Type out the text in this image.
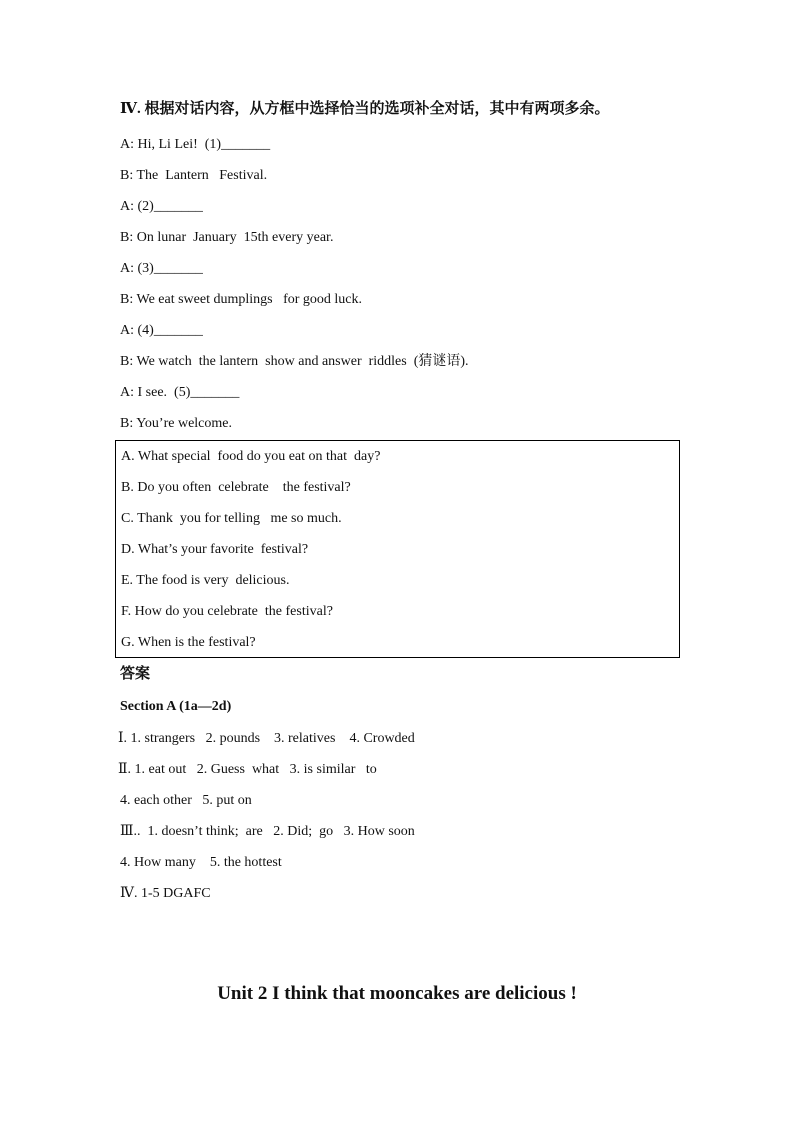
Ⅳ. 根据对话内容，从方框中选择恰当的选项补全对话，其中有两项多余。
A: Hi, Li Lei!  (1)_______
B: The  Lantern   Festival.
A: (2)_______
B: On lunar  January  15th every year.
A: (3)_______
B: We eat sweet dumplings   for good luck.
A: (4)_______
B: We watch  the lantern  show and answer  riddles  (猜谜语).
A: I see.  (5)_______
B: You’re welcome.
A. What special  food do you eat on that  day?
B. Do you often  celebrate    the festival?
C. Thank  you for telling   me so much.
D. What’s your favorite  festival?
E. The food is very  delicious.
F. How do you celebrate  the festival?
G. When is the festival?
答案
Section A (1a—2d)
Ⅰ. 1. strangers   2. pounds    3. relatives    4. Crowded
Ⅱ. 1. eat out   2. Guess  what   3. is similar   to
4. each other   5. put on
Ⅲ..  1. doesn’t think;  are   2. Did;  go   3. How soon
4. How many    5. the hottest
Ⅳ. 1-5 DGAFC
Unit 2 I think that mooncakes are delicious !
